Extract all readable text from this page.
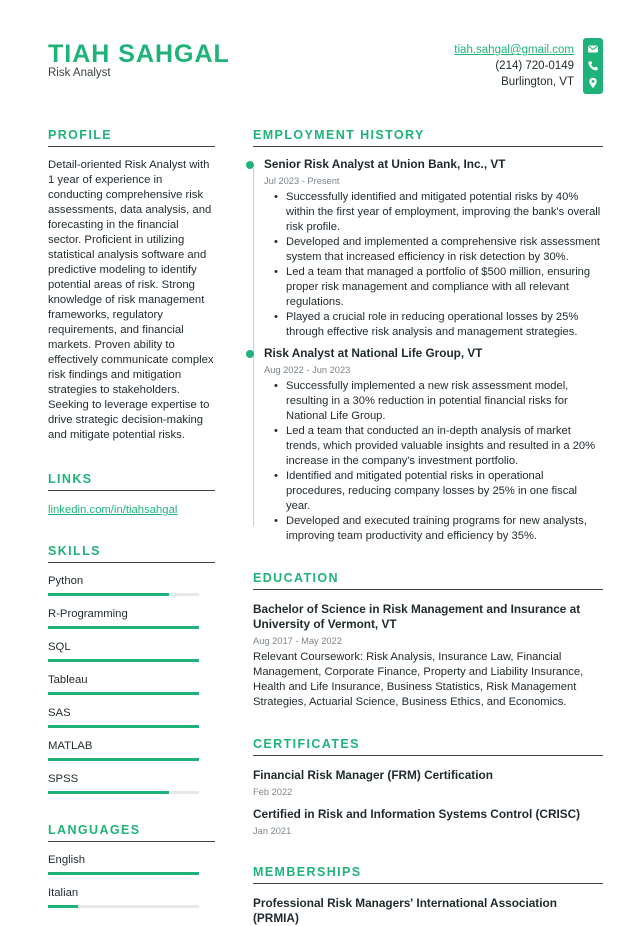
TIAH SAHGAL
Risk Analyst
tiah.sahgal@gmail.com
(214) 720-0149
Burlington, VT
PROFILE
Detail-oriented Risk Analyst with 1 year of experience in conducting comprehensive risk assessments, data analysis, and forecasting in the financial sector. Proficient in utilizing statistical analysis software and predictive modeling to identify potential areas of risk. Strong knowledge of risk management frameworks, regulatory requirements, and financial markets. Proven ability to effectively communicate complex risk findings and mitigation strategies to stakeholders. Seeking to leverage expertise to drive strategic decision-making and mitigate potential risks.
LINKS
linkedin.com/in/tiahsahgal
SKILLS
Python
R-Programming
SQL
Tableau
SAS
MATLAB
SPSS
LANGUAGES
English
Italian
EMPLOYMENT HISTORY
Senior Risk Analyst at Union Bank, Inc., VT
Jul 2023 - Present
• Successfully identified and mitigated potential risks by 40% within the first year of employment, improving the bank's overall risk profile.
• Developed and implemented a comprehensive risk assessment system that increased efficiency in risk detection by 30%.
• Led a team that managed a portfolio of $500 million, ensuring proper risk management and compliance with all relevant regulations.
• Played a crucial role in reducing operational losses by 25% through effective risk analysis and management strategies.
Risk Analyst at National Life Group, VT
Aug 2022 - Jun 2023
• Successfully implemented a new risk assessment model, resulting in a 30% reduction in potential financial risks for National Life Group.
• Led a team that conducted an in-depth analysis of market trends, which provided valuable insights and resulted in a 20% increase in the company's investment portfolio.
• Identified and mitigated potential risks in operational procedures, reducing company losses by 25% in one fiscal year.
• Developed and executed training programs for new analysts, improving team productivity and efficiency by 35%.
EDUCATION
Bachelor of Science in Risk Management and Insurance at University of Vermont, VT
Aug 2017 - May 2022
Relevant Coursework: Risk Analysis, Insurance Law, Financial Management, Corporate Finance, Property and Liability Insurance, Health and Life Insurance, Business Statistics, Risk Management Strategies, Actuarial Science, Business Ethics, and Economics.
CERTIFICATES
Financial Risk Manager (FRM) Certification
Feb 2022
Certified in Risk and Information Systems Control (CRISC)
Jan 2021
MEMBERSHIPS
Professional Risk Managers' International Association (PRMIA)
